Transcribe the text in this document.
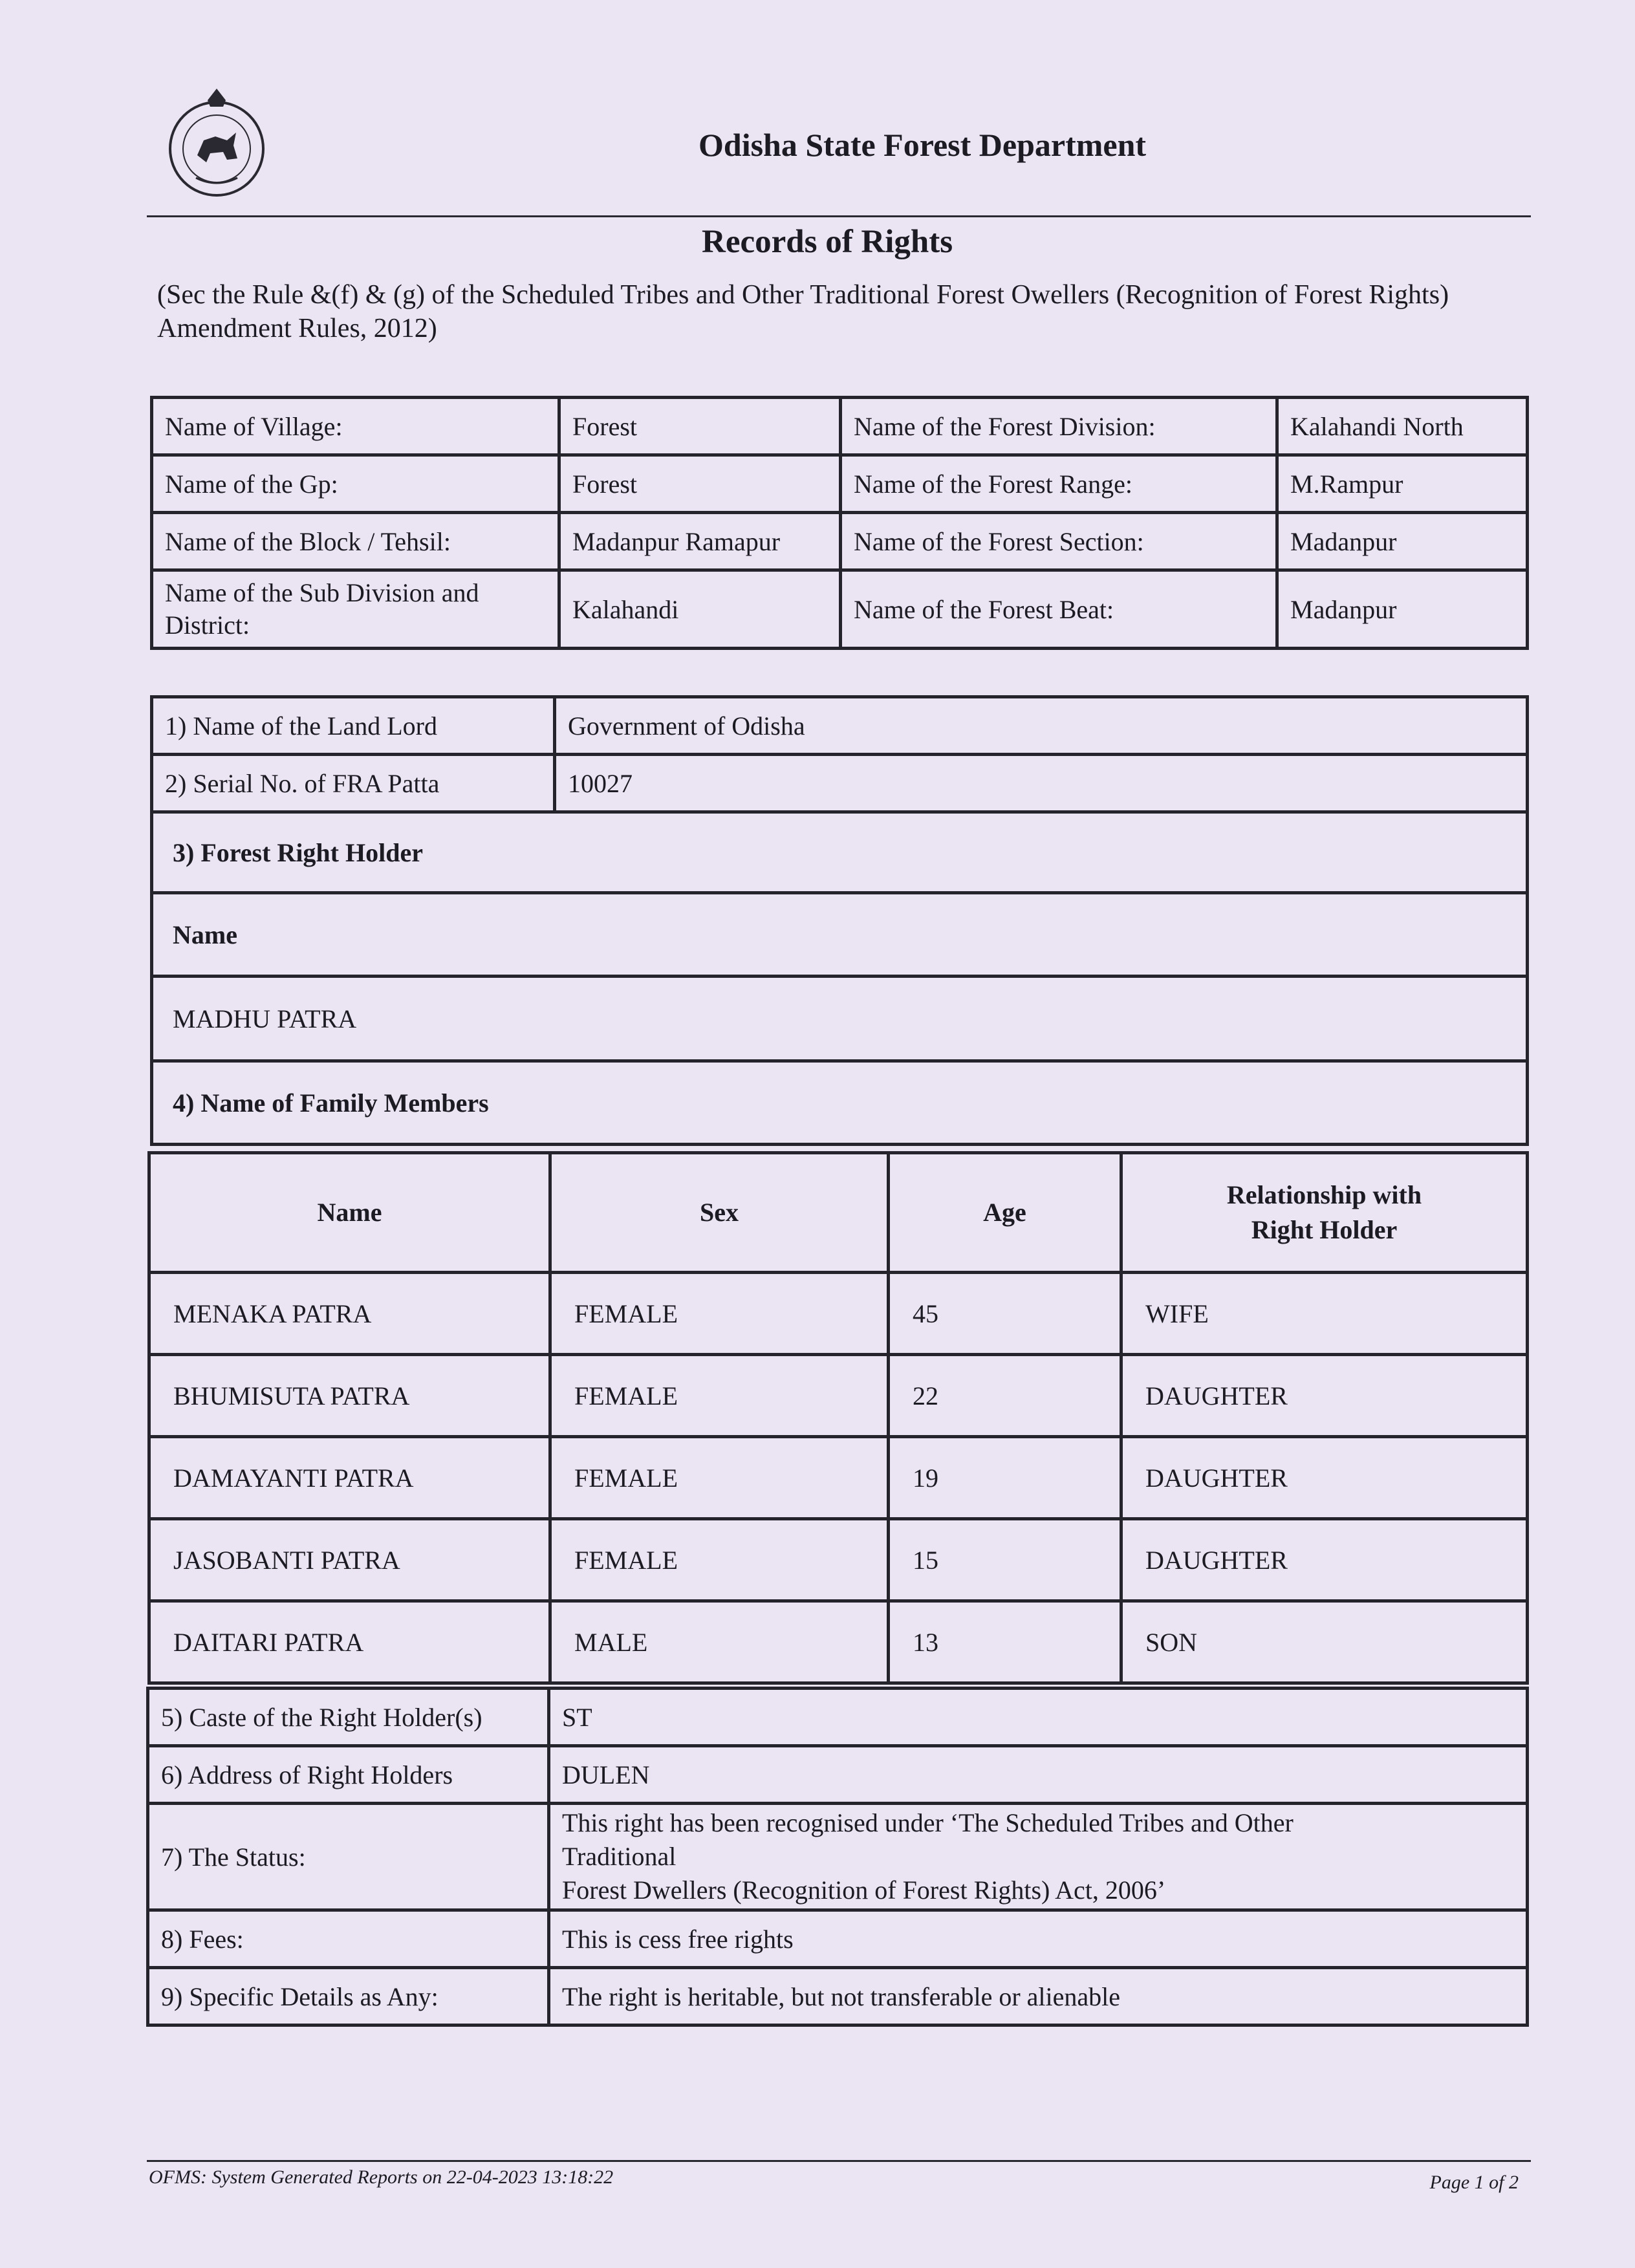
Odisha State Forest Department
Records of Rights
(Sec the Rule &(f) & (g) of the Scheduled Tribes and Other Traditional Forest Owellers (Recognition of Forest Rights) Amendment Rules, 2012)
Name of Village:	Forest	Name of the Forest Division:	Kalahandi North
Name of the Gp:	Forest	Name of the Forest Range:	M.Rampur
Name of the Block / Tehsil:	Madanpur Ramapur	Name of the Forest Section:	Madanpur
Name of the Sub Division and District:	Kalahandi	Name of the Forest Beat:	Madanpur
1) Name of the Land Lord	Government of Odisha
2) Serial No. of FRA Patta	10027
3) Forest Right Holder	
Name	
MADHU PATRA	
4) Name of Family Members	
Name	Sex	Age	Relationship with
Right Holder
MENAKA PATRA	FEMALE	45	WIFE
BHUMISUTA PATRA	FEMALE	22	DAUGHTER
DAMAYANTI PATRA	FEMALE	19	DAUGHTER
JASOBANTI PATRA	FEMALE	15	DAUGHTER
DAITARI PATRA	MALE	13	SON
5) Caste of the Right Holder(s)	ST
6) Address of Right Holders	DULEN
7) The Status:	This right has been recognised under ‘The Scheduled Tribes and Other
Traditional
Forest Dwellers (Recognition of Forest Rights) Act, 2006’
8) Fees:	This is cess free rights
9) Specific Details as Any:	The right is heritable, but not transferable or alienable
OFMS: System Generated Reports on 22-04-2023 13:18:22	Page 1 of 2
